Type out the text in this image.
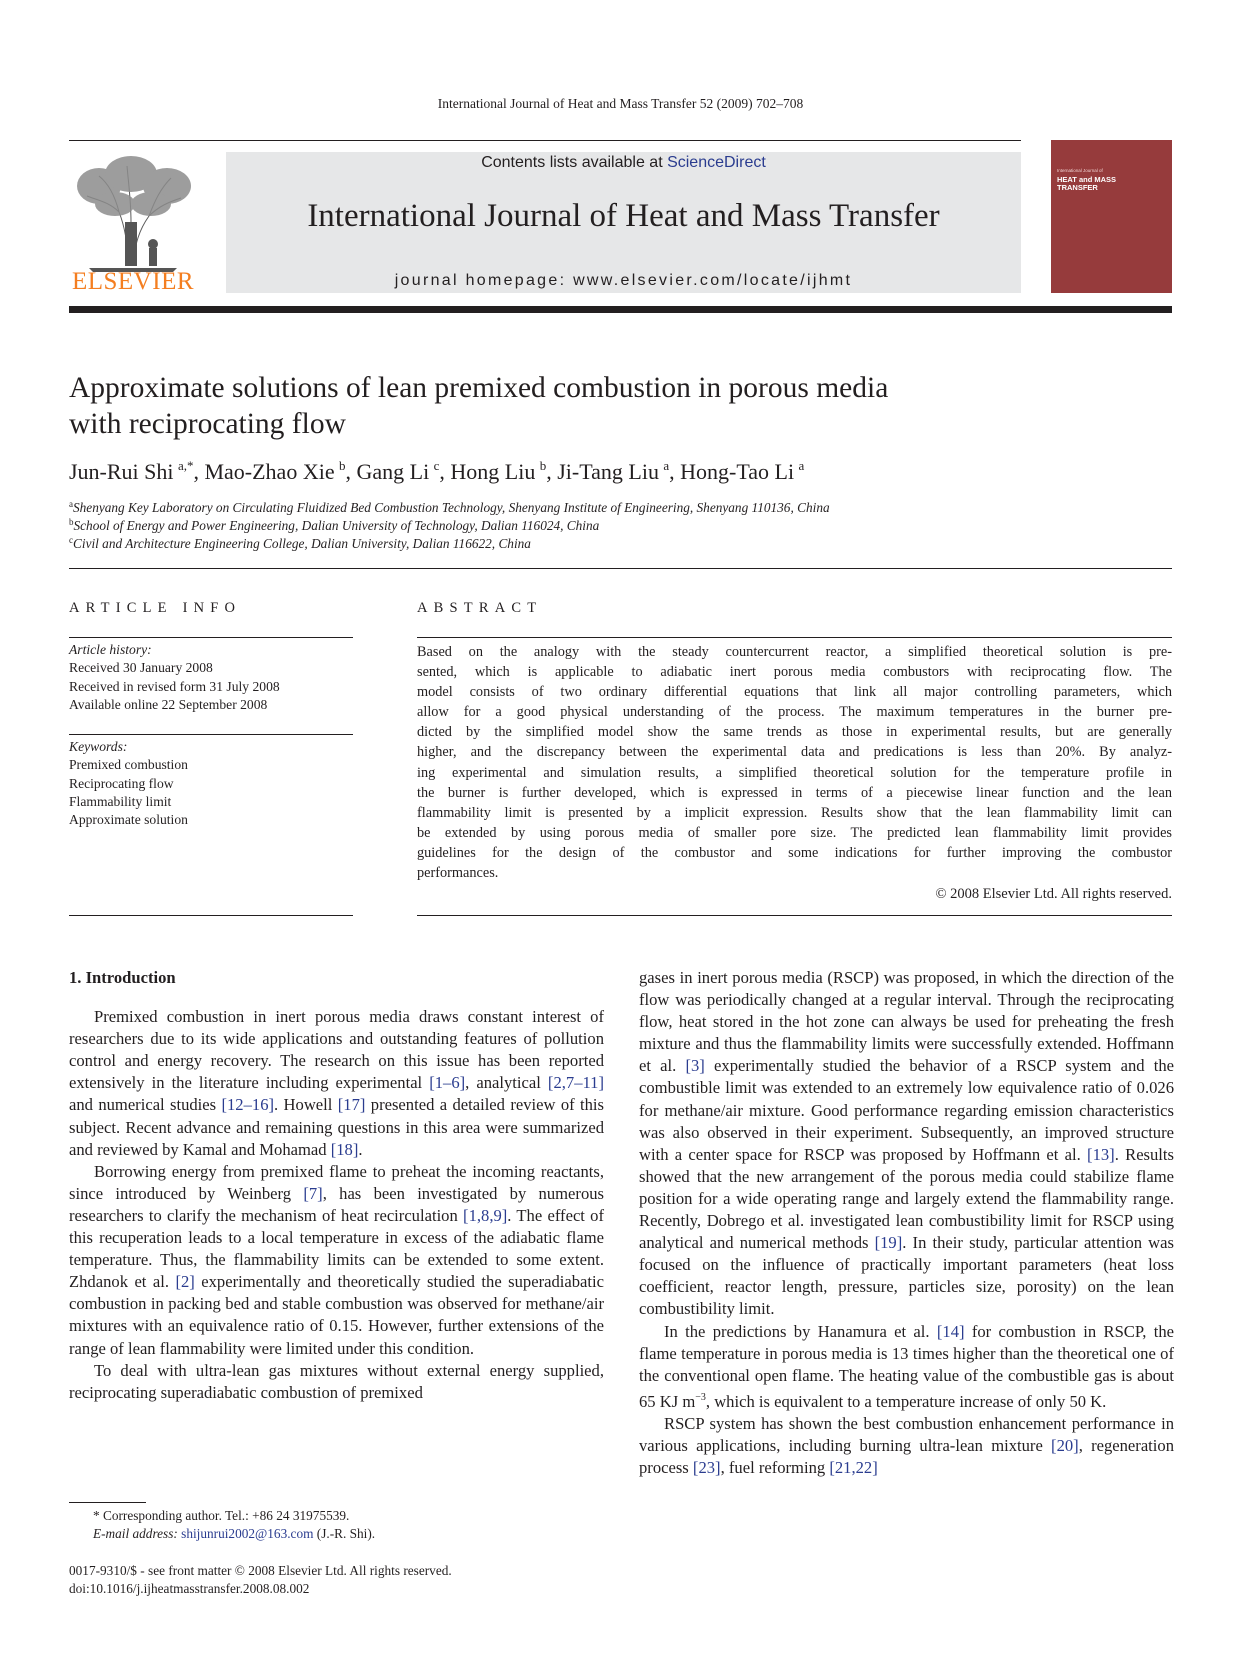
International Journal of Heat and Mass Transfer 52 (2009) 702–708
ELSEVIER
Contents lists available at ScienceDirect
International Journal of Heat and Mass Transfer
journal homepage: www.elsevier.com/locate/ijhmt
International Journal of
HEAT and MASS
TRANSFER
Approximate solutions of lean premixed combustion in porous media
with reciprocating flow
Jun-Rui Shi  $^{a,*}$, Mao-Zhao Xie  $^b$, Gang Li  $^c$, Hong Liu  $^b$, Ji-Tang Liu  $^a$, Hong-Tao Li  $^a$
$^a$Shenyang Key Laboratory on Circulating Fluidized Bed Combustion Technology, Shenyang Institute of Engineering, Shenyang 110136, China
$^b$School of Energy and Power Engineering, Dalian University of Technology, Dalian 116024, China
$^c$Civil and Architecture Engineering College, Dalian University, Dalian 116622, China
ARTICLE INFO	ABSTRACT
Article history:
Received 30 January 2008
Received in revised form 31 July 2008
Available online 22 September 2008
Keywords:
Premixed combustion
Reciprocating flow
Flammability limit
Approximate solution
Based on the analogy with the steady countercurrent reactor, a simplified theoretical solution is pre-
sented, which is applicable to adiabatic inert porous media combustors with reciprocating flow. The
model consists of two ordinary differential equations that link all major controlling parameters, which
allow for a good physical understanding of the process. The maximum temperatures in the burner pre-
dicted by the simplified model show the same trends as those in experimental results, but are generally
higher, and the discrepancy between the experimental data and predications is less than 20%. By analyz-
ing experimental and simulation results, a simplified theoretical solution for the temperature profile in
the burner is further developed, which is expressed in terms of a piecewise linear function and the lean
flammability limit is presented by a implicit expression. Results show that the lean flammability limit can
be extended by using porous media of smaller pore size. The predicted lean flammability limit provides
guidelines for the design of the combustor and some indications for further improving the combustor
performances.
© 2008 Elsevier Ltd. All rights reserved.
1. Introduction

Premixed combustion in inert porous media draws constant interest of researchers due to its wide applications and outstanding features of pollution control and energy recovery. The research on this issue has been reported extensively in the literature including experimental [1–6], analytical [2,7–11] and numerical studies [12–16]. Howell [17] presented a detailed review of this subject. Recent advance and remaining questions in this area were summarized and reviewed by Kamal and Mohamad [18].

Borrowing energy from premixed flame to preheat the incoming reactants, since introduced by Weinberg [7], has been investigated by numerous researchers to clarify the mechanism of heat recirculation [1,8,9]. The effect of this recuperation leads to a local temperature in excess of the adiabatic flame temperature. Thus, the flammability limits can be extended to some extent. Zhdanok et al. [2] experimentally and theoretically studied the superadiabatic combustion in packing bed and stable combustion was observed for methane/air mixtures with an equivalence ratio of 0.15. However, further extensions of the range of lean flammability were limited under this condition.

To deal with ultra-lean gas mixtures without external energy supplied, reciprocating superadiabatic combustion of premixed

gases in inert porous media (RSCP) was proposed, in which the direction of the flow was periodically changed at a regular interval. Through the reciprocating flow, heat stored in the hot zone can always be used for preheating the fresh mixture and thus the flammability limits were successfully extended. Hoffmann et al. [3] experimentally studied the behavior of a RSCP system and the combustible limit was extended to an extremely low equivalence ratio of 0.026 for methane/air mixture. Good performance regarding emission characteristics was also observed in their experiment. Subsequently, an improved structure with a center space for RSCP was proposed by Hoffmann et al. [13]. Results showed that the new arrangement of the porous media could stabilize flame position for a wide operating range and largely extend the flammability range. Recently, Dobrego et al. investigated lean combustibility limit for RSCP using analytical and numerical methods [19]. In their study, particular attention was focused on the influence of practically important parameters (heat loss coefficient, reactor length, pressure, particles size, porosity) on the lean combustibility limit.

In the predictions by Hanamura et al. [14] for combustion in RSCP, the flame temperature in porous media is 13 times higher than the theoretical one of the conventional open flame. The heating value of the combustible gas is about 65 KJ $m^{-3}$, which is equivalent to a temperature increase of only 50 K.

RSCP system has shown the best combustion enhancement performance in various applications, including burning ultra-lean mixture [20], regeneration process [23], fuel reforming [21,22]

* Corresponding author. Tel.: +86 24 31975539.
E-mail address: shijunrui2002@163.com (J.-R. Shi).
0017-9310/$ - see front matter © 2008 Elsevier Ltd. All rights reserved.
doi:10.1016/j.ijheatmasstransfer.2008.08.002
